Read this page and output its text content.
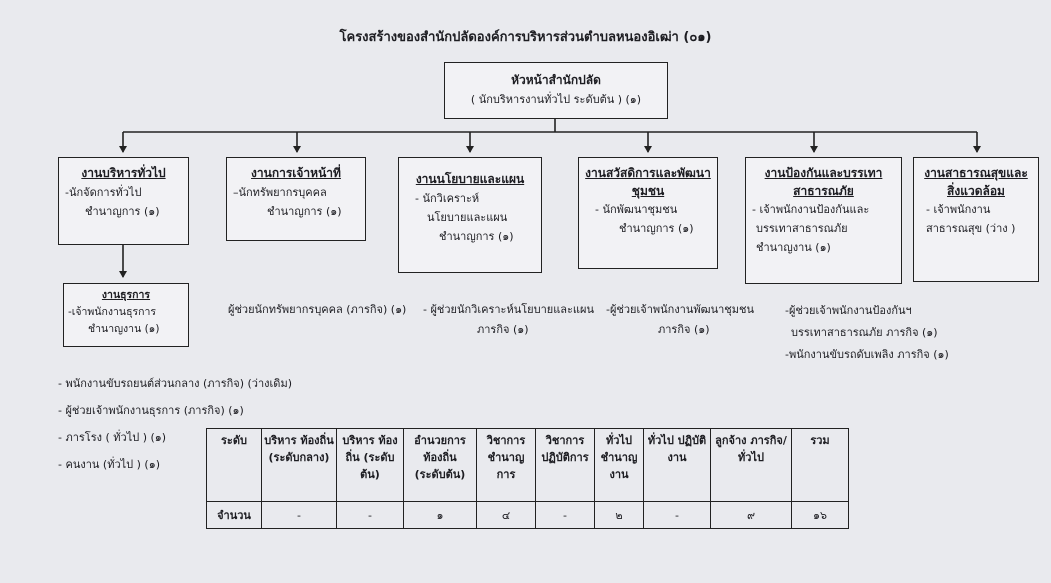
โครงสร้างของสำนักปลัดองค์การบริหารส่วนตำบลหนองอิเฒ่า (๐๑)
หัวหน้าสำนักปลัด
( นักบริหารงานทั่วไป ระดับต้น ) (๑)
งานบริหารทั่วไป
-นักจัดการทั่วไป
ชำนาญการ (๑)
งานการเจ้าหน้าที่
–นักทรัพยากรบุคคล
ชำนาญการ (๑)
งานนโยบายและแผน
- นักวิเคราะห์
นโยบายและแผน
ชำนาญการ (๑)
งานสวัสดิการและพัฒนาชุมชน
- นักพัฒนาชุมชน
ชำนาญการ (๑)
งานป้องกันและบรรเทาสาธารณภัย
- เจ้าพนักงานป้องกันและ
บรรเทาสาธารณภัย
ชำนาญงาน (๑)
งานสาธารณสุขและสิ่งแวดล้อม
- เจ้าพนักงาน
สาธารณสุข (ว่าง )
งานธุรการ
-เจ้าพนักงานธุรการ
ชำนาญงาน (๑)
ผู้ช่วยนักทรัพยากรบุคคล (ภารกิจ) (๑) - ผู้ช่วยนักวิเคราะห์นโยบายและแผน
ภารกิจ (๑)
-ผู้ช่วยเจ้าพนักงานพัฒนาชุมชน
ภารกิจ (๑)
-ผู้ช่วยเจ้าพนักงานป้องกันฯ
บรรเทาสาธารณภัย ภารกิจ (๑)
-พนักงานขับรถดับเพลิง ภารกิจ (๑)
- พนักงานขับรถยนต์ส่วนกลาง (ภารกิจ) (ว่างเดิม)
- ผู้ช่วยเจ้าพนักงานธุรการ (ภารกิจ) (๑)
- ภารโรง ( ทั่วไป ) (๑)
- คนงาน (ทั่วไป ) (๑)
ระดับ	บริหาร ท้องถิ่น (ระดับกลาง)	บริหาร ท้องถิ่น (ระดับต้น)	อำนวยการ ท้องถิ่น (ระดับต้น)	วิชาการ ชำนาญ การ	วิชาการ ปฏิบัติการ	ทั่วไป ชำนาญ งาน	ทั่วไป ปฏิบัติงาน	ลูกจ้าง ภารกิจ/ทั่วไป	รวม
จำนวน	-	-	๑	๔	-	๒	-	๙	๑๖
